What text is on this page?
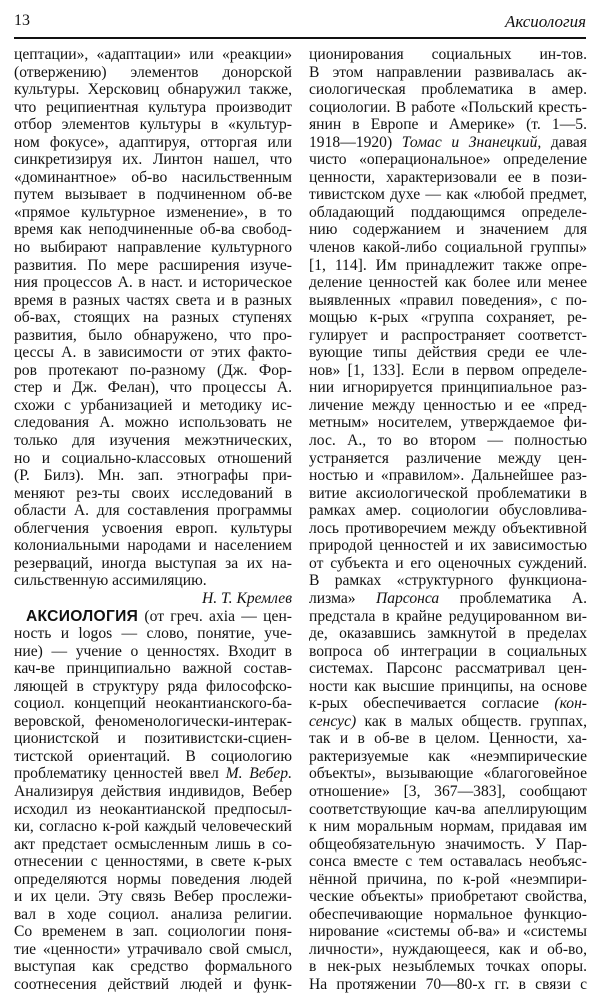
13	Аксиология
цептации», «адаптации» или «реакции»
(отвержению) элементов донорской
культуры. Херсковиц обнаружил также,
что реципиентная культура производит
отбор элементов культуры в «культур-
ном фокусе», адаптируя, отторгая или
синкретизируя их. Линтон нашел, что
«доминантное» об-во насильственным
путем вызывает в подчиненном об-ве
«прямое культурное изменение», в то
время как неподчиненные об-ва свобод-
но выбирают направление культурного
развития. По мере расширения изуче-
ния процессов А. в наст. и историческое
время в разных частях света и в разных
об-вах, стоящих на разных ступенях
развития, было обнаружено, что про-
цессы А. в зависимости от этих факто-
ров протекают по-разному (Дж. Фор-
стер и Дж. Фелан), что процессы А.
схожи с урбанизацией и методику ис-
следования А. можно использовать не
только для изучения межэтнических,
но и социально-классовых отношений
(Р. Билз). Мн. зап. этнографы при-
меняют рез-ты своих исследований в
области А. для составления программы
облегчения усвоения европ. культуры
колониальными народами и населением
резерваций, иногда выступая за их на-
сильственную ассимиляцию.
Н. Т. Кремлев
АКСИОЛОГИЯ (от греч. axia — цен-
ность и logos — слово, понятие, уче-
ние) — учение о ценностях. Входит в
кач-ве принципиально важной состав-
ляющей в структуру ряда философско-
социол. концепций неокантианского-ба-
веровской, феноменологически-интерак-
ционистской и позитивистски-сциен-
тистской ориентаций. В социологию
проблематику ценностей ввел М. Вебер.
Анализируя действия индивидов, Вебер
исходил из неокантианской предпосыл-
ки, согласно к-рой каждый человеческий
акт предстает осмысленным лишь в со-
отнесении с ценностями, в свете к-рых
определяются нормы поведения людей
и их цели. Эту связь Вебер прослежи-
вал в ходе социол. анализа религии.
Со временем в зап. социологии поня-
тие «ценности» утрачивало свой смысл,
выступая как средство формального
соотнесения действий людей и функ-
ционирования социальных ин-тов.
В этом направлении развивалась ак-
сиологическая проблематика в амер.
социологии. В работе «Польский кресть-
янин в Европе и Америке» (т. 1—5.
1918—1920) Томас и Знанецкий, давая
чисто «операциональное» определение
ценности, характеризовали ее в пози-
тивистском духе — как «любой предмет,
обладающий поддающимся определе-
нию содержанием и значением для
членов какой-либо социальной группы»
[1, 114]. Им принадлежит также опре-
деление ценностей как более или менее
выявленных «правил поведения», с по-
мощью к-рых «группа сохраняет, ре-
гулирует и распространяет соответст-
вующие типы действия среди ее чле-
нов» [1, 133]. Если в первом определе-
нии игнорируется принципиальное раз-
личение между ценностью и ее «пред-
метным» носителем, утверждаемое фи-
лос. А., то во втором — полностью
устраняется различение между цен-
ностью и «правилом». Дальнейшее раз-
витие аксиологической проблематики в
рамках амер. социологии обусловлива-
лось противоречием между объективной
природой ценностей и их зависимостью
от субъекта и его оценочных суждений.
В рамках «структурного функциона-
лизма» Парсонса проблематика А.
предстала в крайне редуцированном ви-
де, оказавшись замкнутой в пределах
вопроса об интеграции в социальных
системах. Парсонс рассматривал цен-
ности как высшие принципы, на основе
к-рых обеспечивается согласие (кон-
сенсус) как в малых обществ. группах,
так и в об-ве в целом. Ценности, ха-
рактеризуемые как «неэмпирические
объекты», вызывающие «благоговейное
отношение» [3, 367—383], сообщают
соответствующие кач-ва апеллирующим
к ним моральным нормам, придавая им
общеобязательную значимость. У Пар-
сонса вместе с тем оставалась необъяс-
нённой причина, по к-рой «неэмпири-
ческие объекты» приобретают свойства,
обеспечивающие нормальное функцио-
нирование «системы об-ва» и «системы
личности», нуждающееся, как и об-во,
в нек-рых незыблемых точках опоры.
На протяжении 70—80-х гг. в связи с
